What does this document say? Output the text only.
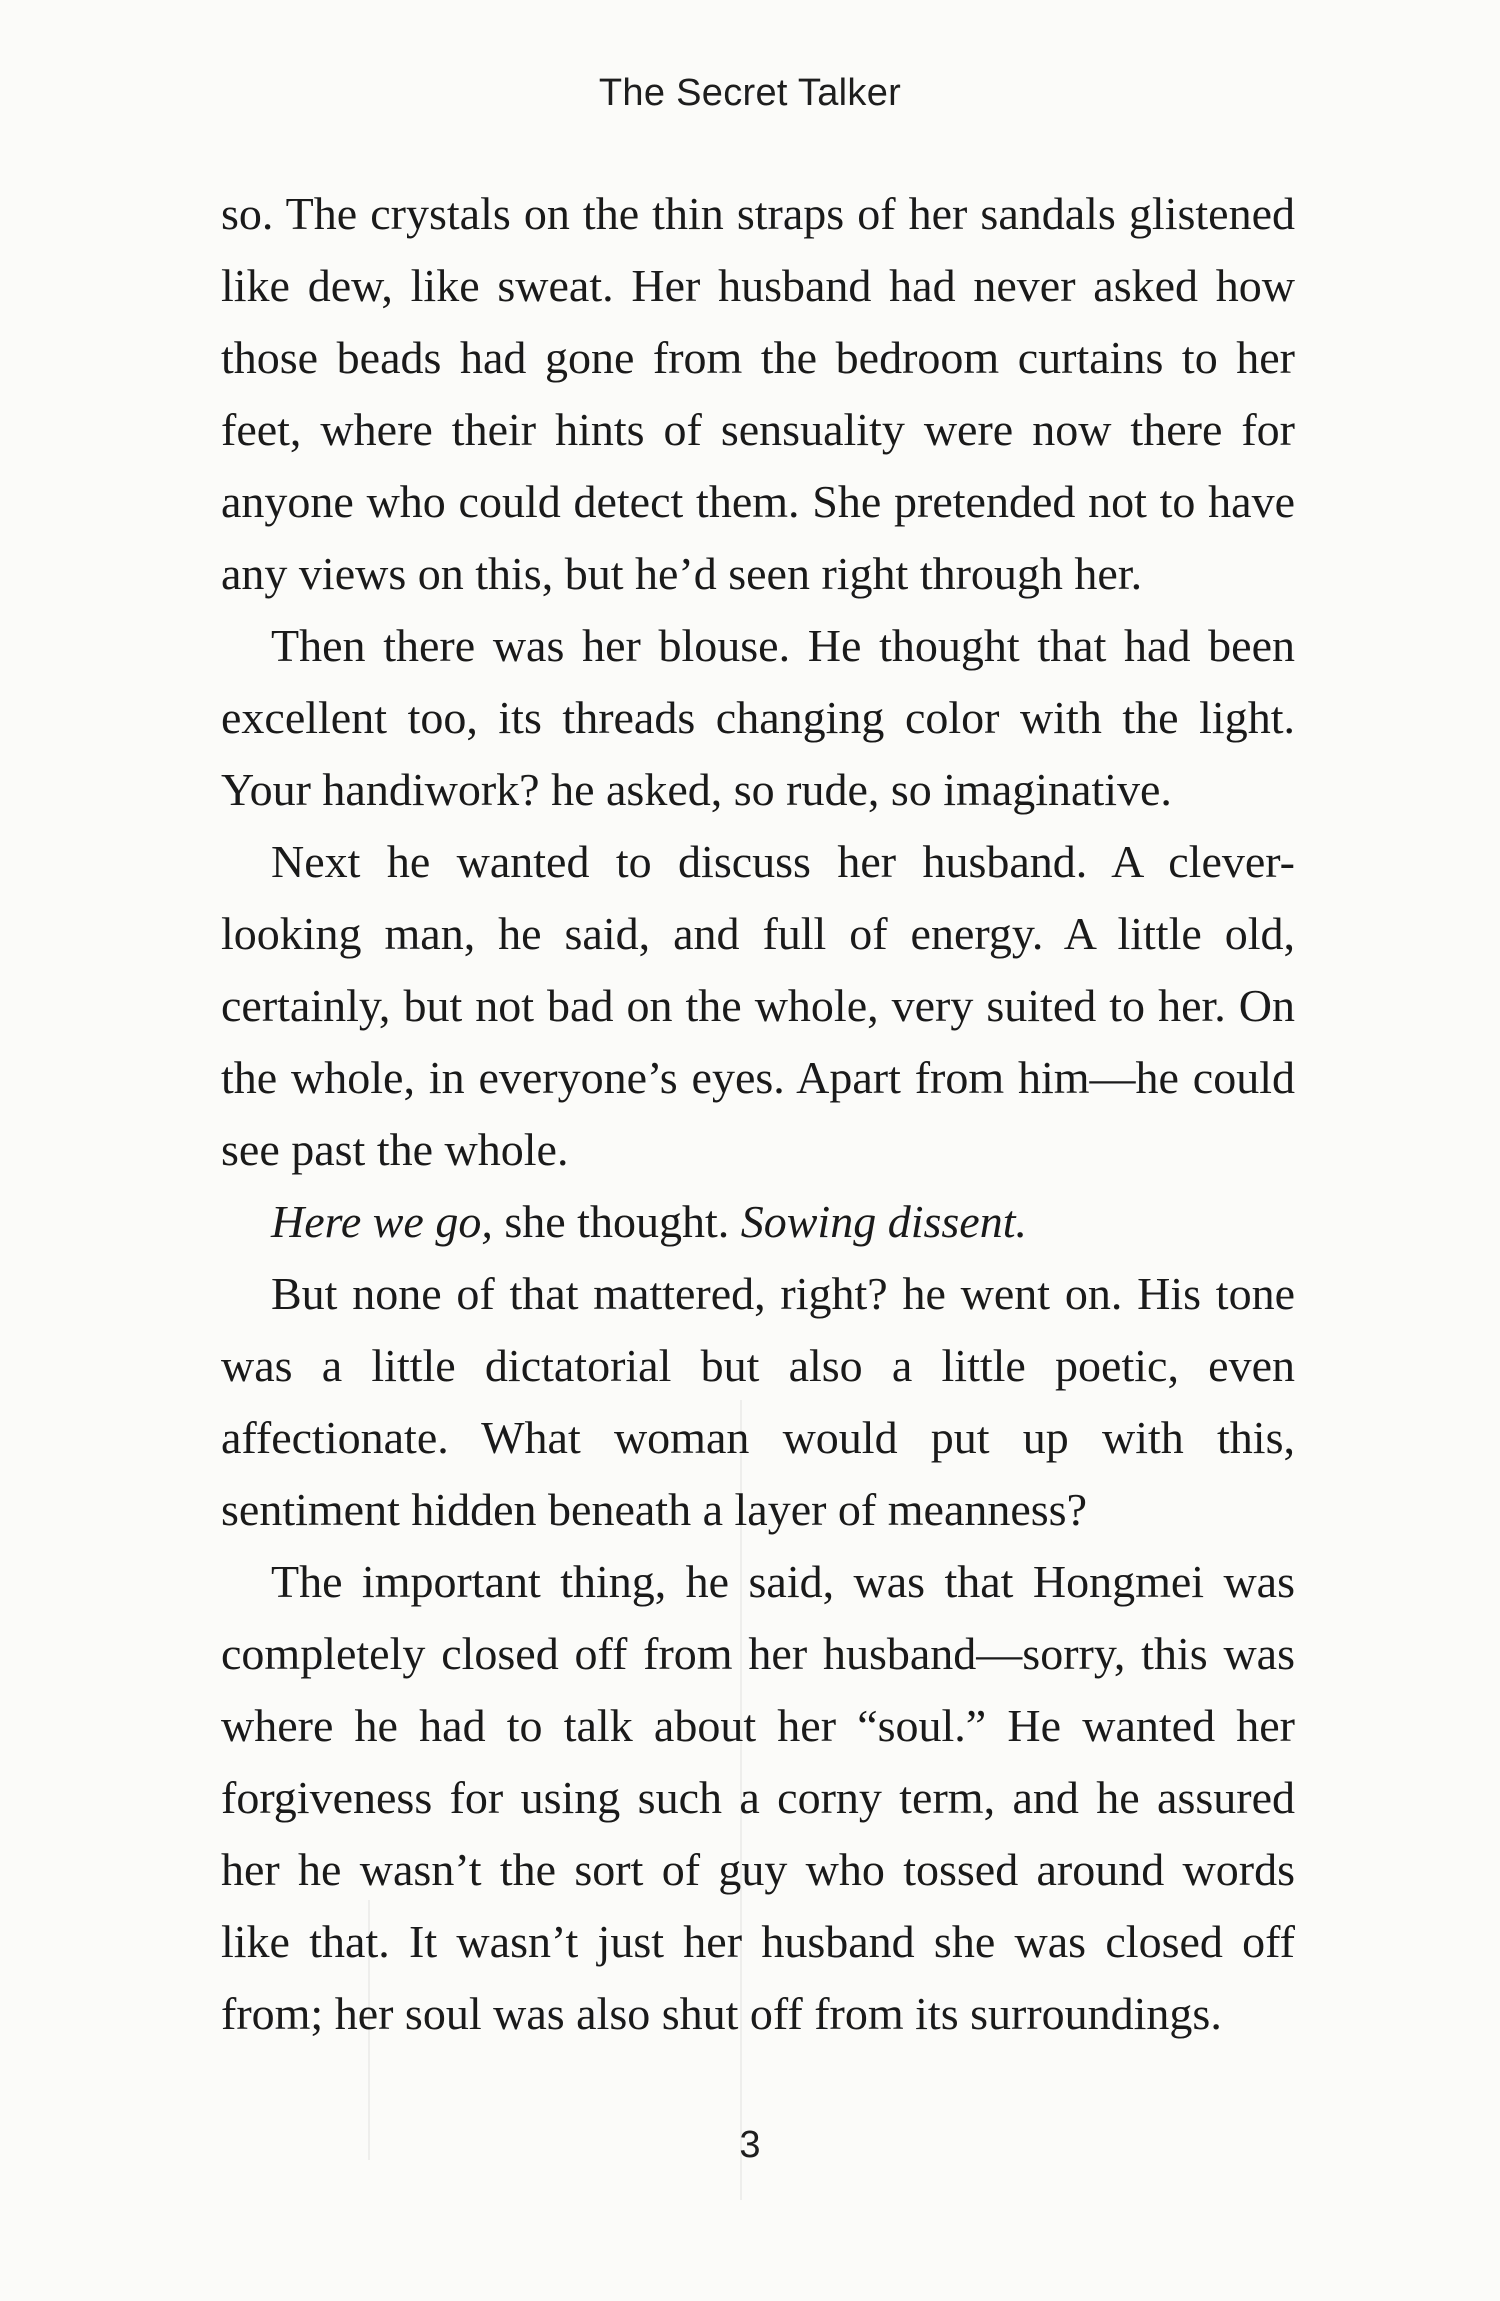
The Secret Talker

so. The crystals on the thin straps of her sandals glistened like dew, like sweat. Her husband had never asked how those beads had gone from the bedroom curtains to her feet, where their hints of sensuality were now there for anyone who could detect them. She pretended not to have any views on this, but he’d seen right through her.

Then there was her blouse. He thought that had been excellent too, its threads changing color with the light. Your handiwork? he asked, so rude, so imaginative.

Next he wanted to discuss her husband. A clever-looking man, he said, and full of energy. A little old, certainly, but not bad on the whole, very suited to her. On the whole, in everyone’s eyes. Apart from him—he could see past the whole.

Here we go, she thought. Sowing dissent.

But none of that mattered, right? he went on. His tone was a little dictatorial but also a little poetic, even affectionate. What woman would put up with this, sentiment hidden beneath a layer of meanness?

The important thing, he said, was that Hongmei was completely closed off from her husband—sorry, this was where he had to talk about her “soul.” He wanted her forgiveness for using such a corny term, and he assured her he wasn’t the sort of guy who tossed around words like that. It wasn’t just her husband she was closed off from; her soul was also shut off from its surroundings.

3
